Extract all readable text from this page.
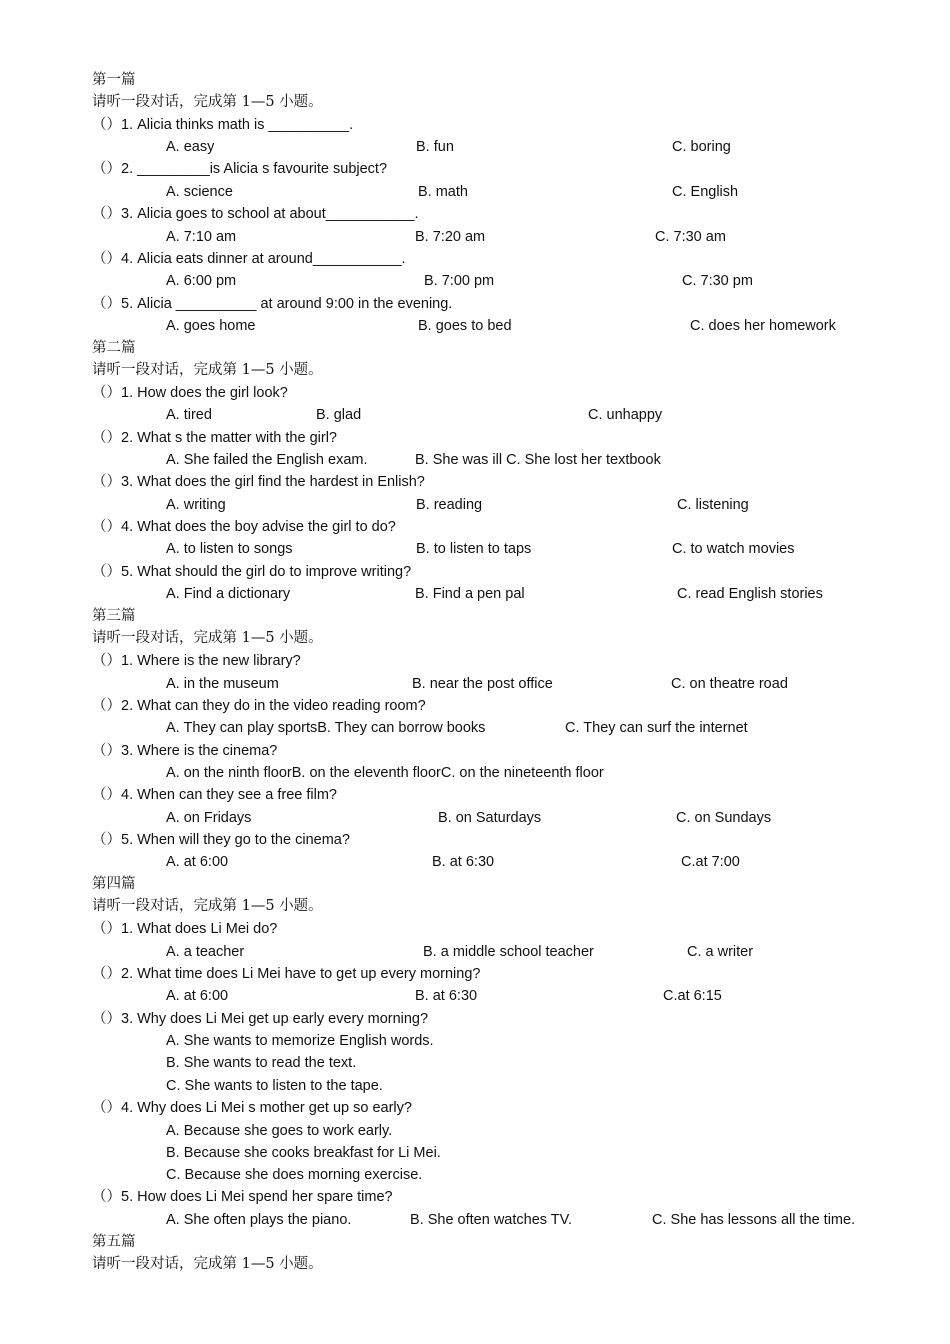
第一篇
请听一段对话，完成第 1—5 小题。
（）1. Alicia thinks math is __________.
A. easy	B. fun	C. boring
（）2. _________is Alicia s favourite subject?
A. science	B. math	C. English
（）3. Alicia goes to school at about___________.
A. 7:10 am	B. 7:20 am	C. 7:30 am
（）4. Alicia eats dinner at around___________.
A. 6:00 pm	B. 7:00 pm	C. 7:30 pm
（）5. Alicia __________ at around 9:00 in the evening.
A. goes home	B. goes to bed	C. does her homework
第二篇
请听一段对话，完成第 1—5 小题。
（）1. How does the girl look?
A. tired	B. glad	C. unhappy
（）2. What s the matter with the girl?
A. She failed the English exam.	B. She was ill C. She lost her textbook
（）3. What does the girl find the hardest in Enlish?
A. writing	B. reading	C. listening
（）4. What does the boy advise the girl to do?
A. to listen to songs	B. to listen to taps	C. to watch movies
（）5. What should the girl do to improve writing?
A. Find a dictionary	B. Find a pen pal	C. read English stories
第三篇
请听一段对话，完成第 1—5 小题。
（）1. Where is the new library?
A. in the museum	B. near the post office	C. on theatre road
（）2. What can they do in the video reading room?
A. They can play sportsB. They can borrow books	C. They can surf the internet
（）3. Where is the cinema?
A. on the ninth floorB. on the eleventh floorC. on the nineteenth floor
（）4. When can they see a free film?
A. on Fridays	B. on Saturdays	C. on Sundays
（）5. When will they go to the cinema?
A. at 6:00	B. at 6:30	C.at 7:00
第四篇
请听一段对话，完成第 1—5 小题。
（）1. What does Li Mei do?
A. a teacher	B. a middle school teacher	C. a writer
（）2. What time does Li Mei have to get up every morning?
A. at 6:00	B. at 6:30	C.at 6:15
（）3. Why does Li Mei get up early every morning?
A. She wants to memorize English words.
B. She wants to read the text.
C. She wants to listen to the tape.
（）4. Why does Li Mei s mother get up so early?
A. Because she goes to work early.
B. Because she cooks breakfast for Li Mei.
C. Because she does morning exercise.
（）5. How does Li Mei spend her spare time?
A. She often plays the piano.	B. She often watches TV.	C. She has lessons all the time.
第五篇
请听一段对话，完成第 1—5 小题。
